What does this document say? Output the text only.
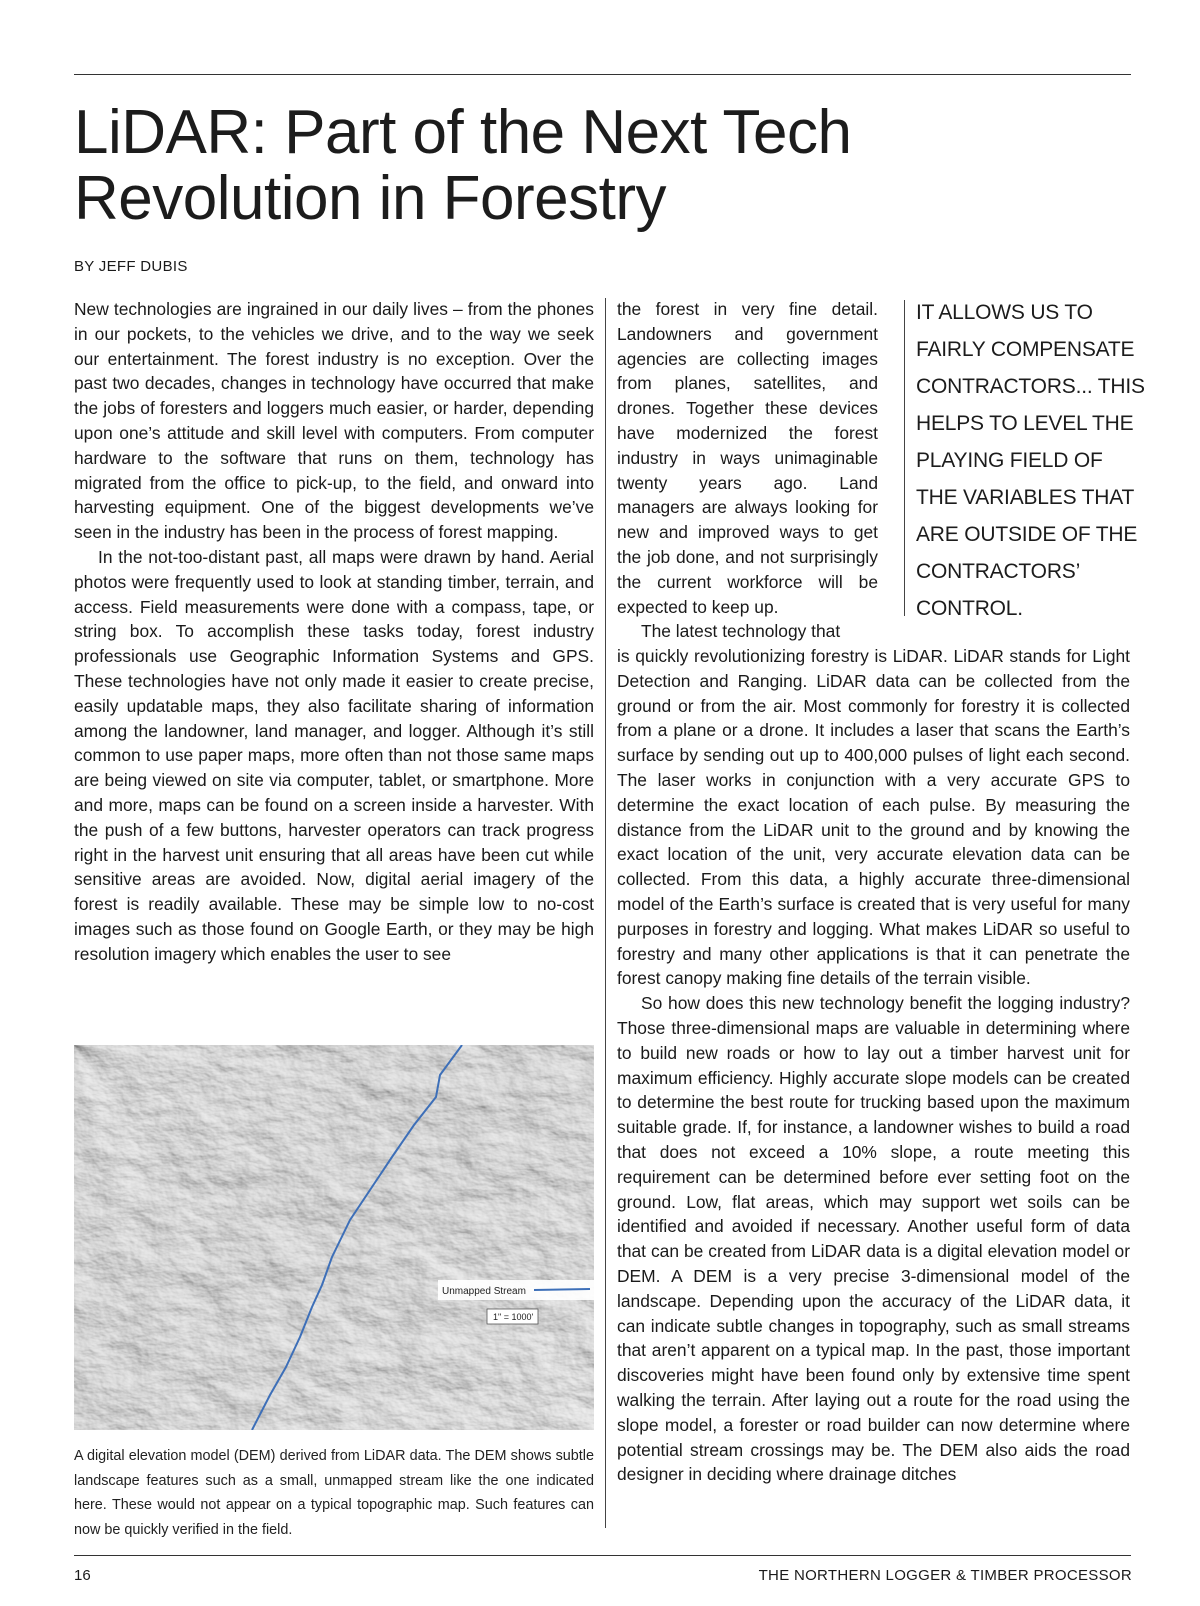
LiDAR: Part of the Next Tech Revolution in Forestry
BY JEFF DUBIS

New technologies are ingrained in our daily lives – from the phones in our pockets, to the vehicles we drive, and to the way we seek our entertainment. The forest industry is no exception. Over the past two decades, changes in technology have occurred that make the jobs of foresters and loggers much easier, or harder, depending upon one’s attitude and skill level with computers. From computer hardware to the software that runs on them, technology has migrated from the office to pick-up, to the field, and onward into harvesting equipment. One of the biggest developments we’ve seen in the industry has been in the process of forest mapping.

In the not-too-distant past, all maps were drawn by hand. Aerial photos were frequently used to look at standing timber, terrain, and access. Field measurements were done with a compass, tape, or string box. To accomplish these tasks today, forest industry professionals use Geographic Information Systems and GPS. These technologies have not only made it easier to create precise, easily updatable maps, they also facilitate sharing of information among the landowner, land manager, and logger. Although it’s still common to use paper maps, more often than not those same maps are being viewed on site via computer, tablet, or smartphone. More and more, maps can be found on a screen inside a harvester. With the push of a few buttons, harvester operators can track progress right in the harvest unit ensuring that all areas have been cut while sensitive areas are avoided. Now, digital aerial imagery of the forest is readily available. These may be simple low to no-cost images such as those found on Google Earth, or they may be high resolution imagery which enables the user to see

the forest in very fine detail. Landowners and government agencies are collecting images from planes, satellites, and drones. Together these devices have modernized the forest industry in ways unimaginable twenty years ago. Land managers are always looking for new and improved ways to get the job done, and not surprisingly the current workforce will be expected to keep up.

The latest technology that

IT ALLOWS US TO FAIRLY COMPENSATE CONTRACTORS... THIS HELPS TO LEVEL THE PLAYING FIELD OF THE VARIABLES THAT ARE OUTSIDE OF THE CONTRACTORS’ CONTROL.

is quickly revolutionizing forestry is LiDAR. LiDAR stands for Light Detection and Ranging. LiDAR data can be collected from the ground or from the air. Most commonly for forestry it is collected from a plane or a drone. It includes a laser that scans the Earth’s surface by sending out up to 400,000 pulses of light each second. The laser works in conjunction with a very accurate GPS to determine the exact location of each pulse. By measuring the distance from the LiDAR unit to the ground and by knowing the exact location of the unit, very accurate elevation data can be collected. From this data, a highly accurate three-dimensional model of the Earth’s surface is created that is very useful for many purposes in forestry and logging. What makes LiDAR so useful to forestry and many other applications is that it can penetrate the forest canopy making fine details of the terrain visible.

So how does this new technology benefit the logging industry? Those three-dimensional maps are valuable in determining where to build new roads or how to lay out a timber harvest unit for maximum efficiency. Highly accurate slope models can be created to determine the best route for trucking based upon the maximum suitable grade. If, for instance, a landowner wishes to build a road that does not exceed a 10% slope, a route meeting this requirement can be determined before ever setting foot on the ground. Low, flat areas, which may support wet soils can be identified and avoided if necessary. Another useful form of data that can be created from LiDAR data is a digital elevation model or DEM. A DEM is a very precise 3-dimensional model of the landscape. Depending upon the accuracy of the LiDAR data, it can indicate subtle changes in topography, such as small streams that aren’t apparent on a typical map. In the past, those important discoveries might have been found only by extensive time spent walking the terrain. After laying out a route for the road using the slope model, a forester or road builder can now determine where potential stream crossings may be. The DEM also aids the road designer in deciding where drainage ditches

Unmapped Stream
1" = 1000'

A digital elevation model (DEM) derived from LiDAR data. The DEM shows subtle landscape features such as a small, unmapped stream like the one indicated here. These would not appear on a typical topographic map. Such features can now be quickly verified in the field.

16	THE NORTHERN LOGGER & TIMBER PROCESSOR
